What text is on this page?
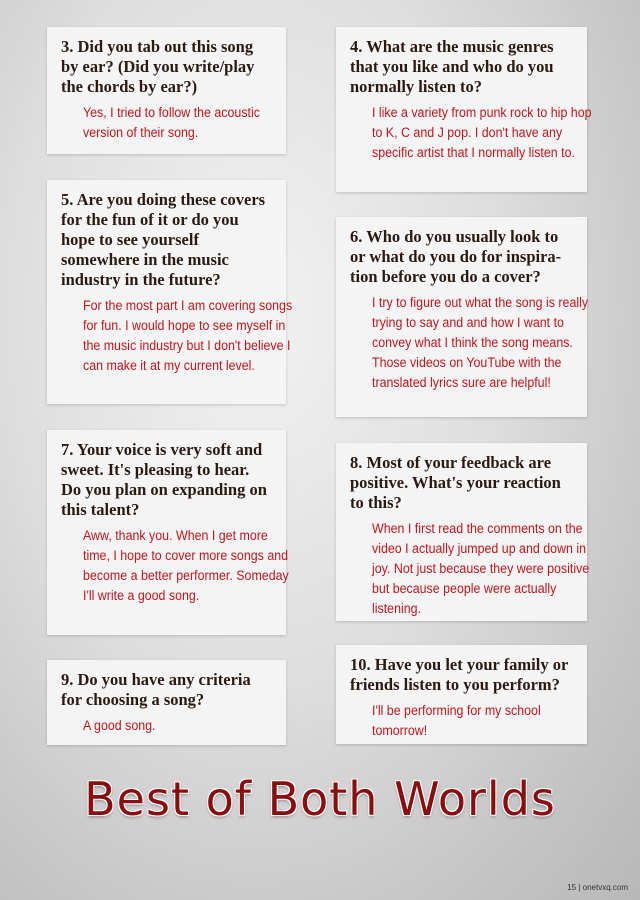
3. Did you tab out this song by ear? (Did you write/play the chords by ear?)

Yes, I tried to follow the acoustic version of their song.

4. What are the music genres that you like and who do you normally listen to?

I like a variety from punk rock to hip hop to K, C and J pop. I don't have any specific artist that I normally listen to.

5. Are you doing these covers for the fun of it or do you hope to see yourself somewhere in the music industry in the future?

For the most part I am covering songs for fun. I would hope to see myself in the music industry but I don't believe I can make it at my current level.

6. Who do you usually look to or what do you do for inspira-tion before you do a cover?

I try to figure out what the song is really trying to say and and how I want to convey what I think the song means. Those videos on YouTube with the translated lyrics sure are helpful!

7. Your voice is very soft and sweet. It's pleasing to hear. Do you plan on expanding on this talent?

Aww, thank you. When I get more time, I hope to cover more songs and become a better performer. Someday I'll write a good song.

8. Most of your feedback are positive. What's your reaction to this?

When I first read the comments on the video I actually jumped up and down in joy. Not just because they were positive but because people were actually listening.

9. Do you have any criteria for choosing a song?

A good song.

10. Have you let your family or friends listen to you perform?

I'll be performing for my school tomorrow!

Best of Both Worlds
15 | onetvxq.com
